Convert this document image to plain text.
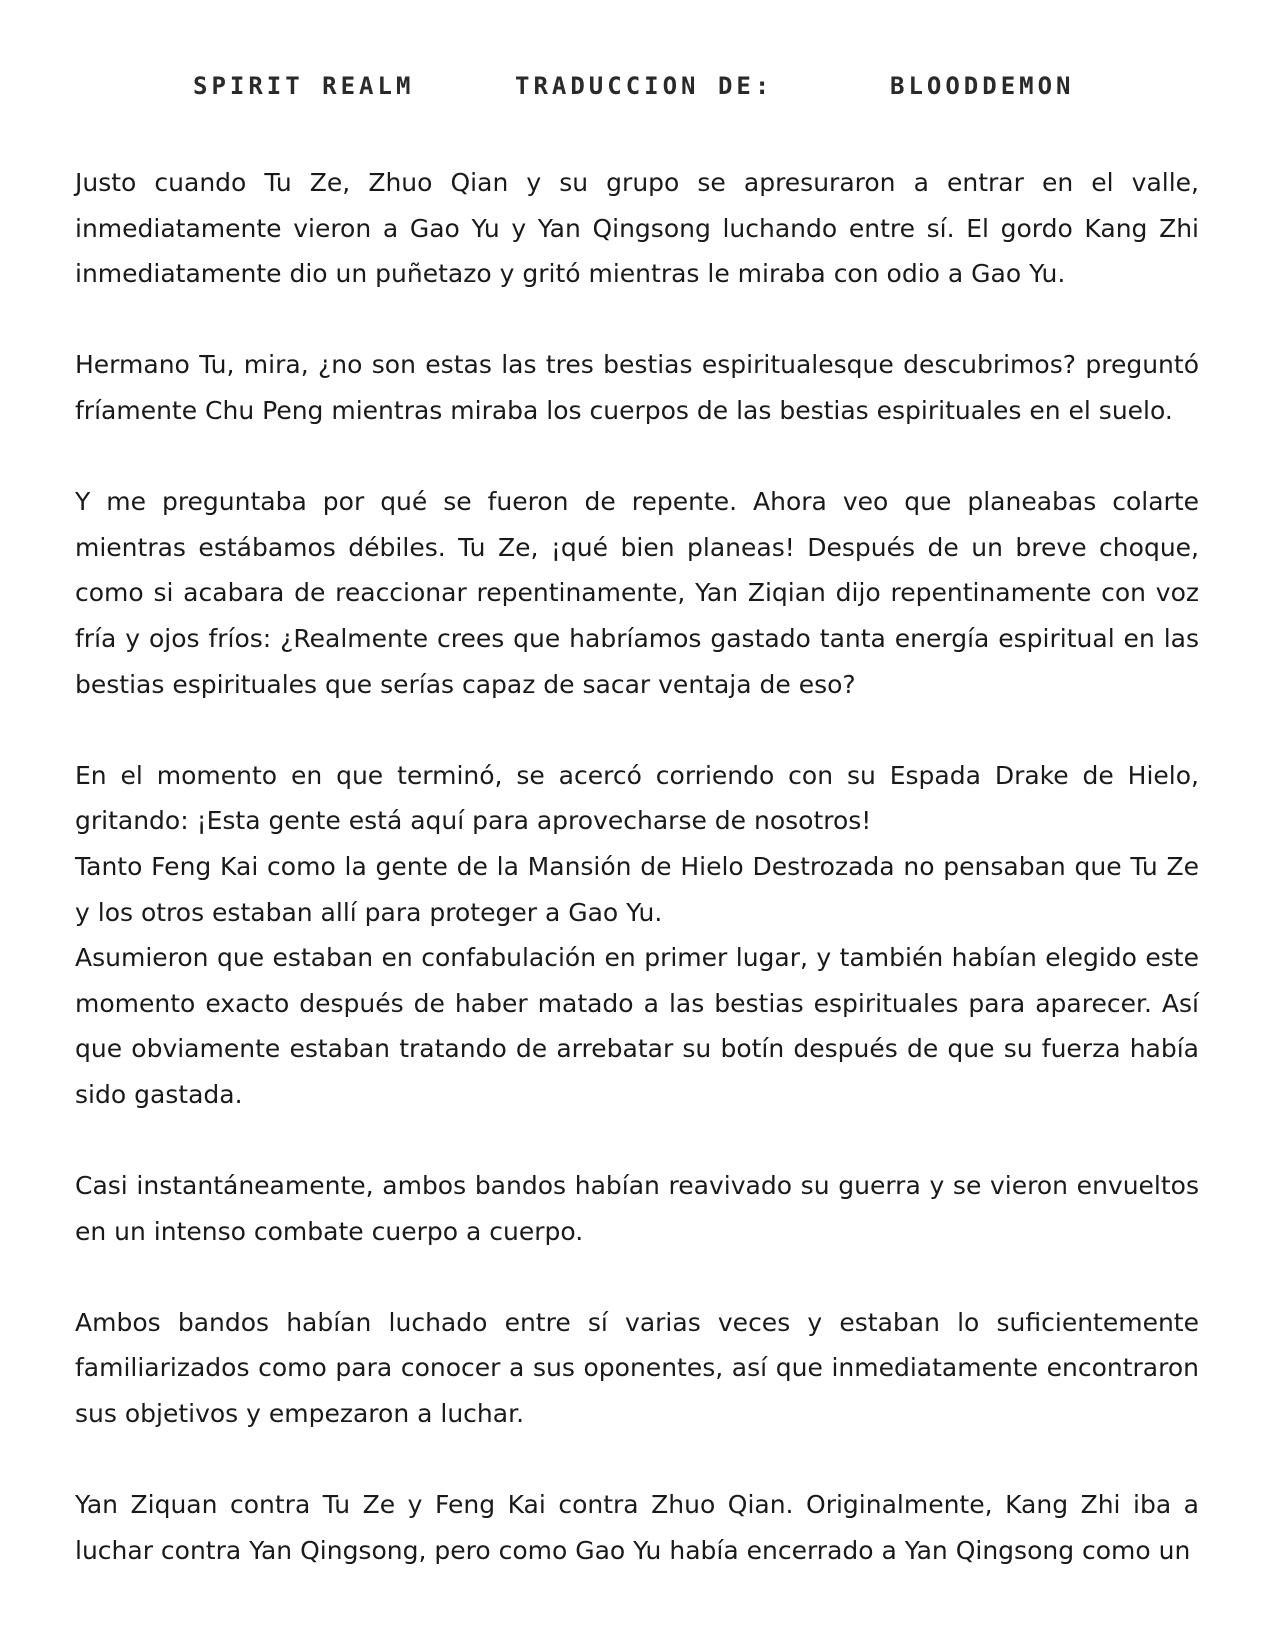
SPIRIT REALM	TRADUCCION DE:	BLOODDEMON

Justo cuando Tu Ze, Zhuo Qian y su grupo se apresuraron a entrar en el valle, inmediatamente vieron a Gao Yu y Yan Qingsong luchando entre sí. El gordo Kang Zhi inmediatamente dio un puñetazo y gritó mientras le miraba con odio a Gao Yu.

Hermano Tu, mira, ¿no son estas las tres bestias espiritualesque descubrimos? preguntó fríamente Chu Peng mientras miraba los cuerpos de las bestias espirituales en el suelo.

Y me preguntaba por qué se fueron de repente. Ahora veo que planeabas colarte mientras estábamos débiles. Tu Ze, ¡qué bien planeas! Después de un breve choque, como si acabara de reaccionar repentinamente, Yan Ziqian dijo repentinamente con voz fría y ojos fríos: ¿Realmente crees que habríamos gastado tanta energía espiritual en las bestias espirituales que serías capaz de sacar ventaja de eso?

En el momento en que terminó, se acercó corriendo con su Espada Drake de Hielo, gritando: ¡Esta gente está aquí para aprovecharse de nosotros!

Tanto Feng Kai como la gente de la Mansión de Hielo Destrozada no pensaban que Tu Ze y los otros estaban allí para proteger a Gao Yu.

Asumieron que estaban en confabulación en primer lugar, y también habían elegido este momento exacto después de haber matado a las bestias espirituales para aparecer. Así que obviamente estaban tratando de arrebatar su botín después de que su fuerza había sido gastada.

Casi instantáneamente, ambos bandos habían reavivado su guerra y se vieron envueltos en un intenso combate cuerpo a cuerpo.

Ambos bandos habían luchado entre sí varias veces y estaban lo suficientemente familiarizados como para conocer a sus oponentes, así que inmediatamente encontraron sus objetivos y empezaron a luchar.

Yan Ziquan contra Tu Ze y Feng Kai contra Zhuo Qian. Originalmente, Kang Zhi iba a luchar contra Yan Qingsong, pero como Gao Yu había encerrado a Yan Qingsong como un
